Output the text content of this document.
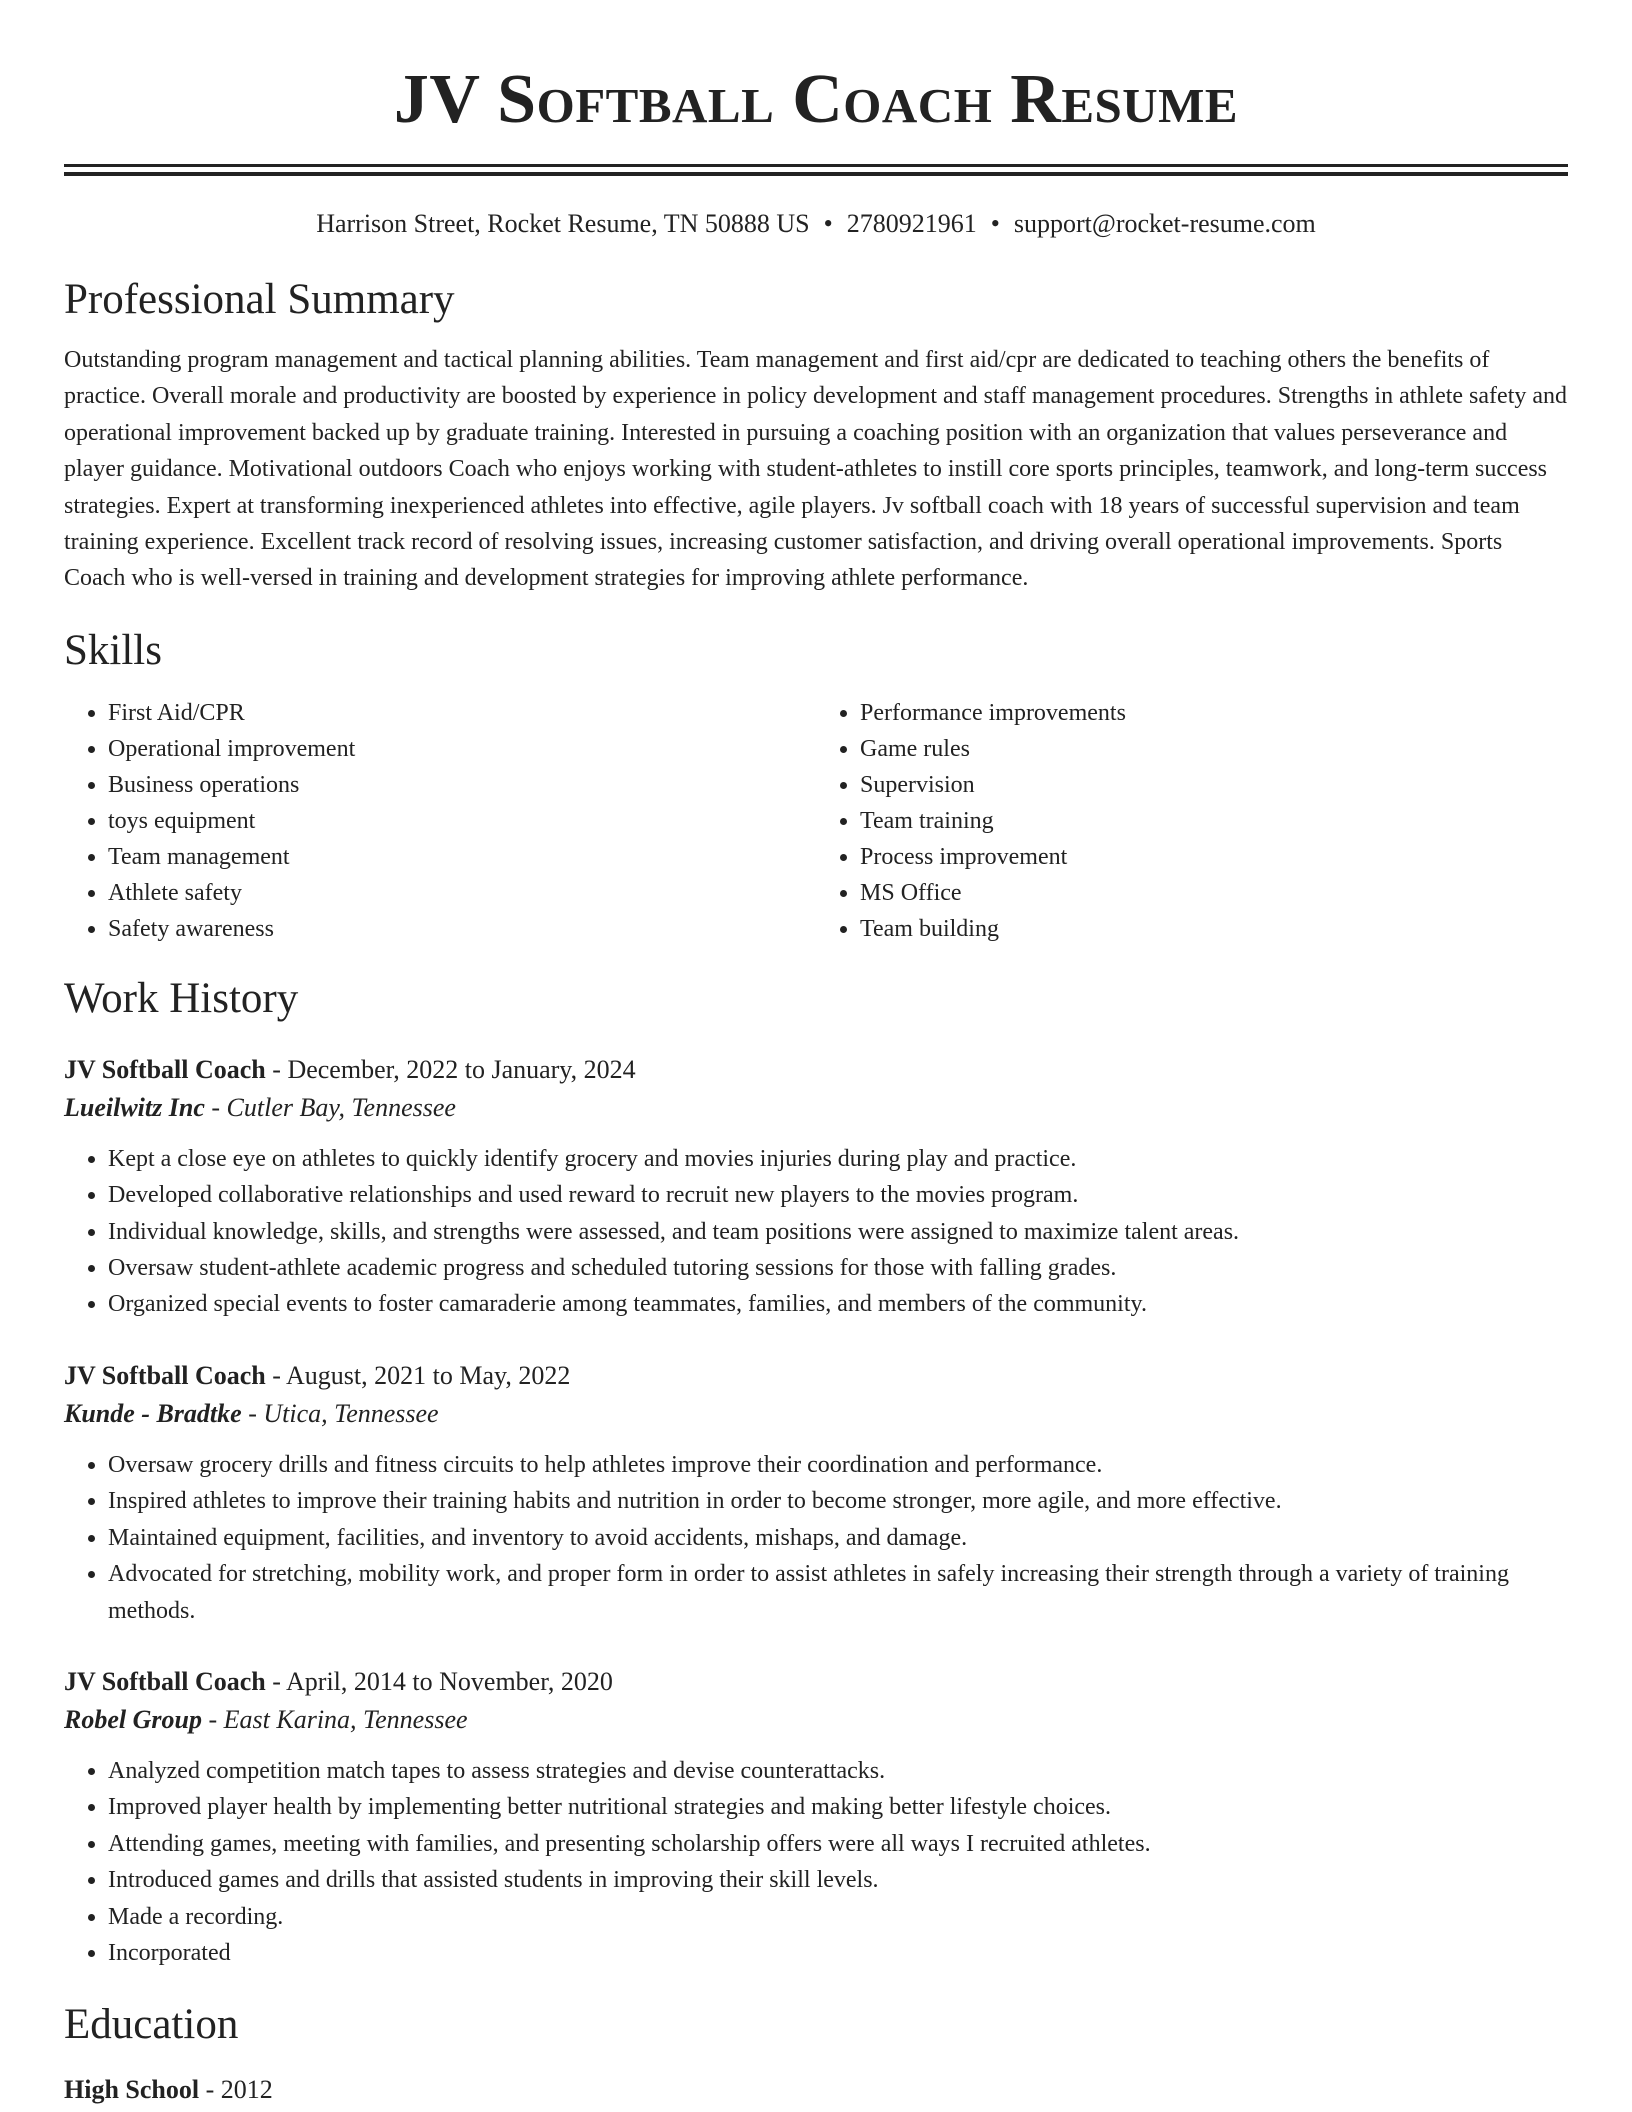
JV Softball Coach Resume
Harrison Street, Rocket Resume, TN 50888 US • 2780921961 • support@rocket-resume.com
Professional Summary

Outstanding program management and tactical planning abilities. Team management and first aid/cpr are dedicated to teaching others the benefits of practice. Overall morale and productivity are boosted by experience in policy development and staff management procedures. Strengths in athlete safety and operational improvement backed up by graduate training. Interested in pursuing a coaching position with an organization that values perseverance and player guidance. Motivational outdoors Coach who enjoys working with student-athletes to instill core sports principles, teamwork, and long-term success strategies. Expert at transforming inexperienced athletes into effective, agile players. Jv softball coach with 18 years of successful supervision and team training experience. Excellent track record of resolving issues, increasing customer satisfaction, and driving overall operational improvements. Sports Coach who is well-versed in training and development strategies for improving athlete performance.

Skills
• First Aid/CPR
• Operational improvement
• Business operations
• toys equipment
• Team management
• Athlete safety
• Safety awareness
• Performance improvements
• Game rules
• Supervision
• Team training
• Process improvement
• MS Office
• Team building
Work History
JV Softball Coach - December, 2022 to January, 2024
Lueilwitz Inc - Cutler Bay, Tennessee
• Kept a close eye on athletes to quickly identify grocery and movies injuries during play and practice.
• Developed collaborative relationships and used reward to recruit new players to the movies program.
• Individual knowledge, skills, and strengths were assessed, and team positions were assigned to maximize talent areas.
• Oversaw student-athlete academic progress and scheduled tutoring sessions for those with falling grades.
• Organized special events to foster camaraderie among teammates, families, and members of the community.
JV Softball Coach - August, 2021 to May, 2022
Kunde - Bradtke - Utica, Tennessee
• Oversaw grocery drills and fitness circuits to help athletes improve their coordination and performance.
• Inspired athletes to improve their training habits and nutrition in order to become stronger, more agile, and more effective.
• Maintained equipment, facilities, and inventory to avoid accidents, mishaps, and damage.
• Advocated for stretching, mobility work, and proper form in order to assist athletes in safely increasing their strength through a variety of training methods.
JV Softball Coach - April, 2014 to November, 2020
Robel Group - East Karina, Tennessee
• Analyzed competition match tapes to assess strategies and devise counterattacks.
• Improved player health by implementing better nutritional strategies and making better lifestyle choices.
• Attending games, meeting with families, and presenting scholarship offers were all ways I recruited athletes.
• Introduced games and drills that assisted students in improving their skill levels.
• Made a recording.
• Incorporated
Education
High School - 2012
